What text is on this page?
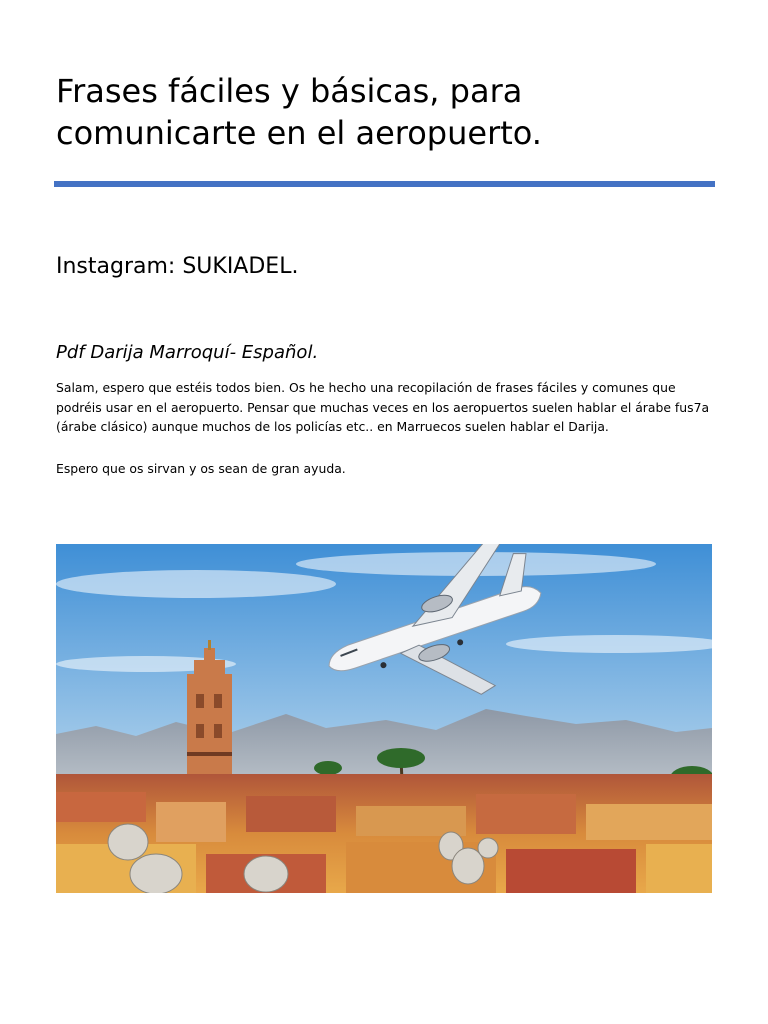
Frases fáciles y básicas, para comunicarte en el aeropuerto.

Instagram: SUKIADEL.

Pdf Darija Marroquí- Español.

Salam, espero que estéis todos bien. Os he hecho una recopilación de frases fáciles y comunes que podréis usar en el aeropuerto. Pensar que muchas veces en los aeropuertos suelen hablar el árabe fus7a (árabe clásico) aunque muchos de los policías etc.. en Marruecos suelen hablar el Darija.

Espero que os sirvan y os sean de gran ayuda.
